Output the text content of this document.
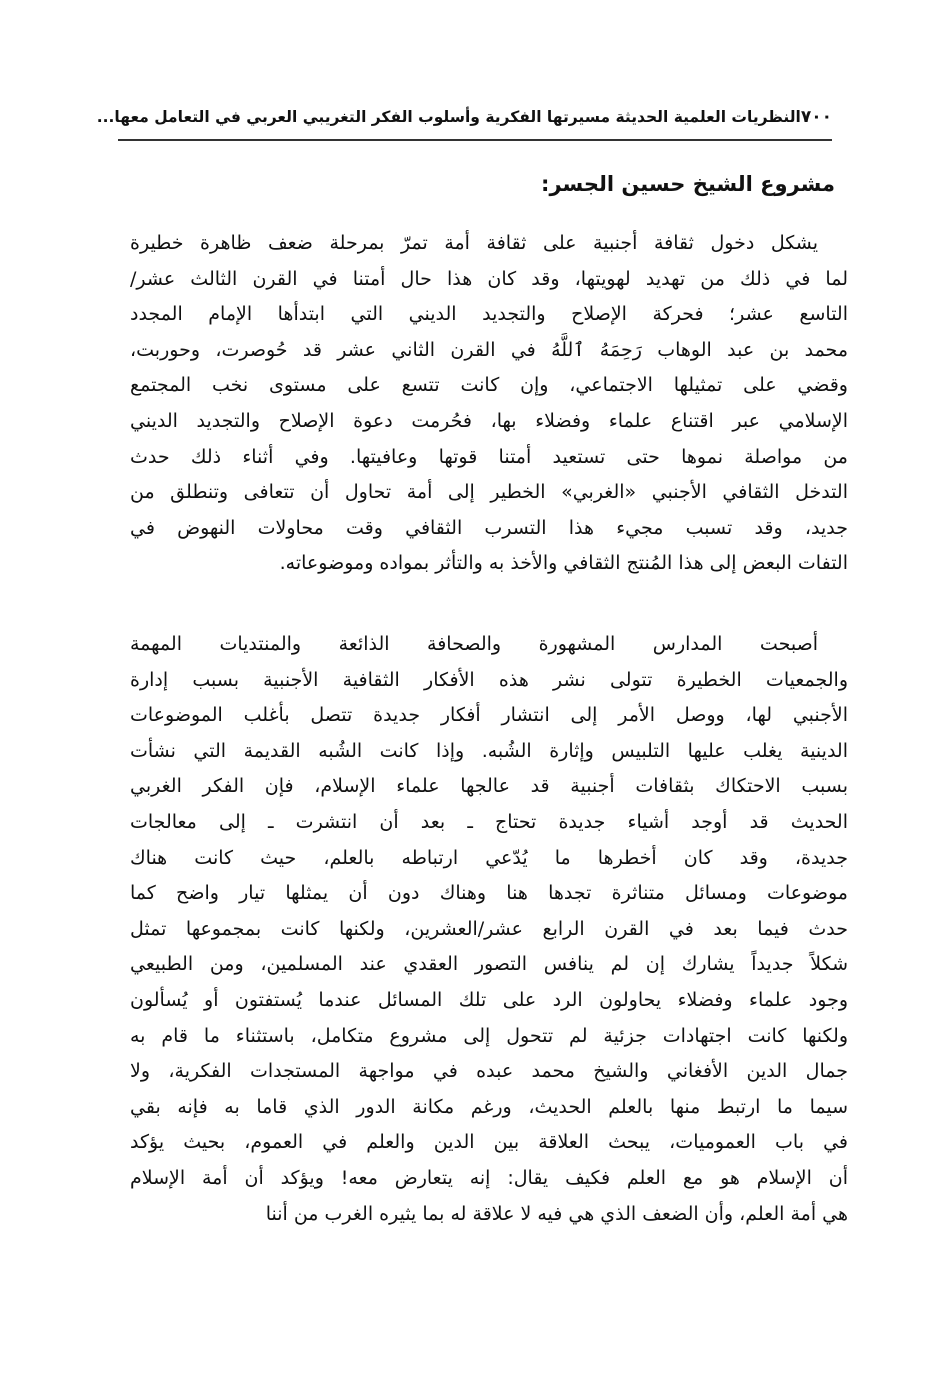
٧٠٠
النظريات العلمية الحديثة مسيرتها الفكرية وأسلوب الفكر التغريبي العربي في التعامل معها...
مشروع الشيخ حسين الجسر:
يشكل دخول ثقافة أجنبية على ثقافة أمة تمرّ بمرحلة ضعف ظاهرة خطيرة
لما في ذلك من تهديد لهويتها، وقد كان هذا حال أمتنا في القرن الثالث عشر/
التاسع عشر؛ فحركة الإصلاح والتجديد الديني التي ابتدأها الإمام المجدد
محمد بن عبد الوهاب رَحِمَهُ ٱللَّهُ في القرن الثاني عشر قد حُوصرت، وحوربت،
وقضي على تمثيلها الاجتماعي، وإن كانت تتسع على مستوى نخب المجتمع
الإسلامي عبر اقتناع علماء وفضلاء بها، فحُرمت دعوة الإصلاح والتجديد الديني
من مواصلة نموها حتى تستعيد أمتنا قوتها وعافيتها. وفي أثناء ذلك حدث
التدخل الثقافي الأجنبي «الغربي» الخطير إلى أمة تحاول أن تتعافى وتنطلق من
جديد، وقد تسبب مجيء هذا التسرب الثقافي وقت محاولات النهوض في
التفات البعض إلى هذا المُنتج الثقافي والأخذ به والتأثر بمواده وموضوعاته.
أصبحت المدارس المشهورة والصحافة الذائعة والمنتديات المهمة
والجمعيات الخطيرة تتولى نشر هذه الأفكار الثقافية الأجنبية بسبب إدارة
الأجنبي لها، ووصل الأمر إلى انتشار أفكار جديدة تتصل بأغلب الموضوعات
الدينية يغلب عليها التلبيس وإثارة الشُبه. وإذا كانت الشُبه القديمة التي نشأت
بسبب الاحتكاك بثقافات أجنبية قد عالجها علماء الإسلام، فإن الفكر الغربي
الحديث قد أوجد أشياء جديدة تحتاج ـ بعد أن انتشرت ـ إلى معالجات
جديدة، وقد كان أخطرها ما يُدّعي ارتباطه بالعلم، حيث كانت هناك
موضوعات ومسائل متناثرة تجدها هنا وهناك دون أن يمثلها تيار واضح كما
حدث فيما بعد في القرن الرابع عشر/العشرين، ولكنها كانت بمجموعها تمثل
شكلاً جديداً يشارك إن لم ينافس التصور العقدي عند المسلمين، ومن الطبيعي
وجود علماء وفضلاء يحاولون الرد على تلك المسائل عندما يُستفتون أو يُسألون
ولكنها كانت اجتهادات جزئية لم تتحول إلى مشروع متكامل، باستثناء ما قام به
جمال الدين الأفغاني والشيخ محمد عبده في مواجهة المستجدات الفكرية، ولا
سيما ما ارتبط منها بالعلم الحديث، ورغم مكانة الدور الذي قاما به فإنه بقي
في باب العموميات، يبحث العلاقة بين الدين والعلم في العموم، بحيث يؤكد
أن الإسلام هو مع العلم فكيف يقال: إنه يتعارض معه! ويؤكد أن أمة الإسلام
هي أمة العلم، وأن الضعف الذي هي فيه لا علاقة له بما يثيره الغرب من أننا
